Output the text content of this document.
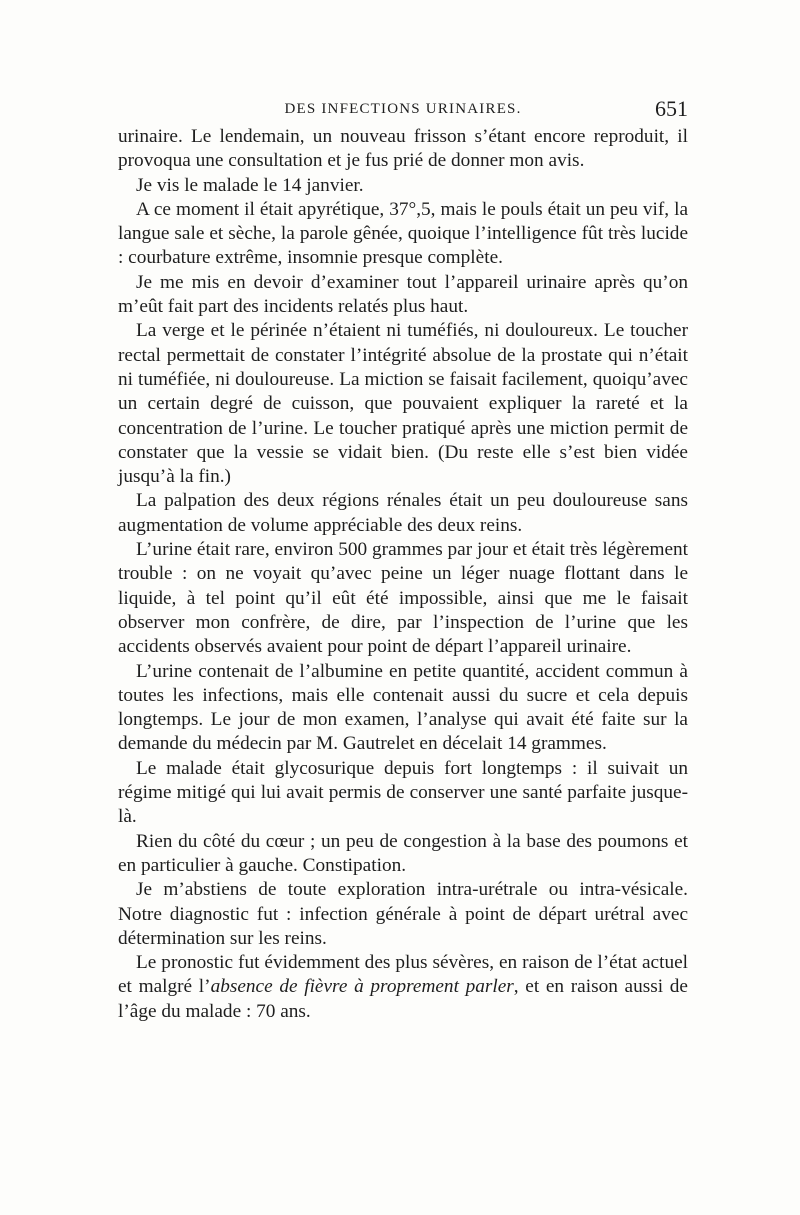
DES INFECTIONS URINAIRES.	651

urinaire. Le lendemain, un nouveau frisson s’étant encore reproduit, il provoqua une consultation et je fus prié de donner mon avis.

Je vis le malade le 14 janvier.

A ce moment il était apyrétique, 37°,5, mais le pouls était un peu vif, la langue sale et sèche, la parole gênée, quoique l’intelligence fût très lucide : courbature extrême, insomnie presque complète.

Je me mis en devoir d’examiner tout l’appareil urinaire après qu’on m’eût fait part des incidents relatés plus haut.

La verge et le périnée n’étaient ni tuméfiés, ni douloureux. Le toucher rectal permettait de constater l’intégrité absolue de la prostate qui n’était ni tuméfiée, ni douloureuse. La miction se faisait facilement, quoiqu’avec un certain degré de cuisson, que pouvaient expliquer la rareté et la concentration de l’urine. Le toucher pratiqué après une miction permit de constater que la vessie se vidait bien. (Du reste elle s’est bien vidée jusqu’à la fin.)

La palpation des deux régions rénales était un peu douloureuse sans augmentation de volume appréciable des deux reins.

L’urine était rare, environ 500 grammes par jour et était très légèrement trouble : on ne voyait qu’avec peine un léger nuage flottant dans le liquide, à tel point qu’il eût été impossible, ainsi que me le faisait observer mon confrère, de dire, par l’inspection de l’urine que les accidents observés avaient pour point de départ l’appareil urinaire.

L’urine contenait de l’albumine en petite quantité, accident commun à toutes les infections, mais elle contenait aussi du sucre et cela depuis longtemps. Le jour de mon examen, l’analyse qui avait été faite sur la demande du médecin par M. Gautrelet en décelait 14 grammes.

Le malade était glycosurique depuis fort longtemps : il suivait un régime mitigé qui lui avait permis de conserver une santé parfaite jusque-là.

Rien du côté du cœur ; un peu de congestion à la base des poumons et en particulier à gauche. Constipation.

Je m’abstiens de toute exploration intra-urétrale ou intra-vésicale. Notre diagnostic fut : infection générale à point de départ urétral avec détermination sur les reins.

Le pronostic fut évidemment des plus sévères, en raison de l’état actuel et malgré l’absence de fièvre à proprement parler, et en raison aussi de l’âge du malade : 70 ans.
